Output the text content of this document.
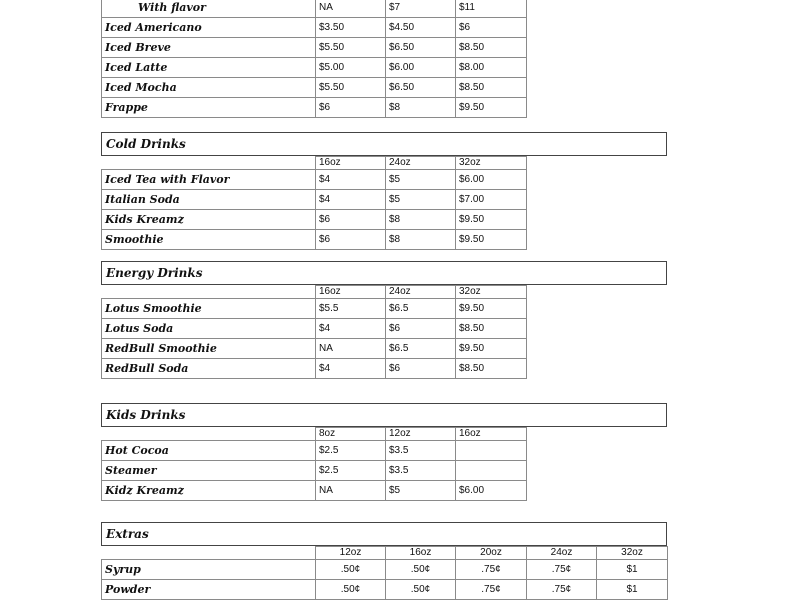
With flavor	NA	$7	$11
Iced Americano	$3.50	$4.50	$6
Iced Breve	$5.50	$6.50	$8.50
Iced Latte	$5.00	$6.00	$8.00
Iced Mocha	$5.50	$6.50	$8.50
Frappe	$6	$8	$9.50
Cold Drinks
	16oz	24oz	32oz
Iced Tea with Flavor	$4	$5	$6.00
Italian Soda	$4	$5	$7.00
Kids Kreamz	$6	$8	$9.50
Smoothie	$6	$8	$9.50
Energy Drinks
	16oz	24oz	32oz
Lotus Smoothie	$5.5	$6.5	$9.50
Lotus Soda	$4	$6	$8.50
RedBull Smoothie	NA	$6.5	$9.50
RedBull Soda	$4	$6	$8.50
Kids Drinks
	8oz	12oz	16oz
Hot Cocoa	$2.5	$3.5	
Steamer	$2.5	$3.5	
Kidz Kreamz	NA	$5	$6.00
Extras
	12oz	16oz	20oz	24oz	32oz
Syrup	.50¢	.50¢	.75¢	.75¢	$1
Powder	.50¢	.50¢	.75¢	.75¢	$1
